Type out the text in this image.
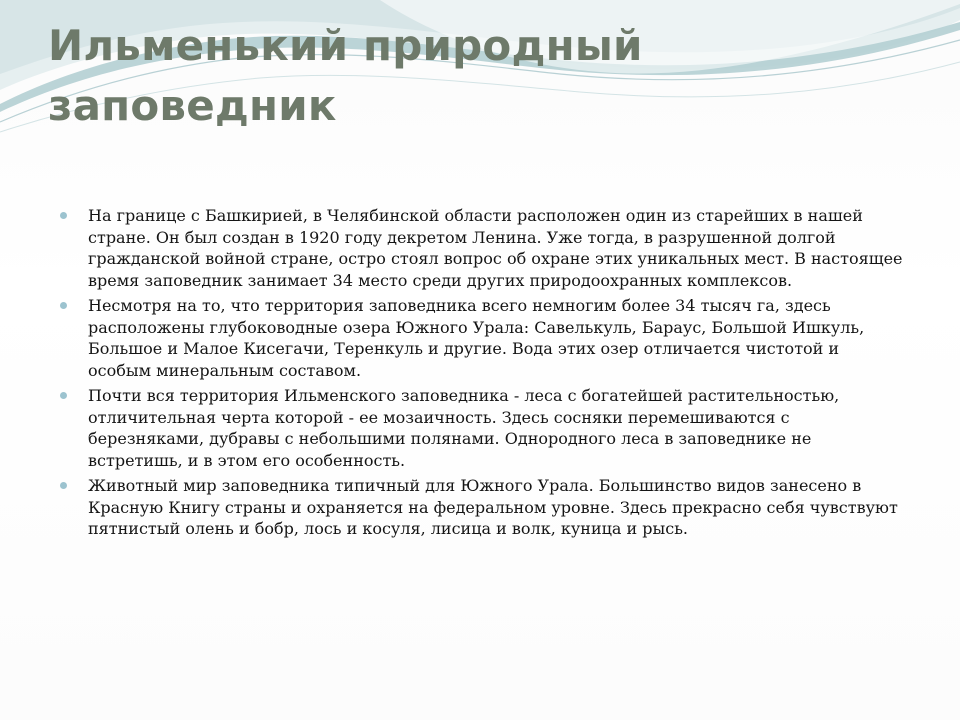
Ильменький природный
заповедник
На границе с Башкирией, в Челябинской области расположен один из старейших в нашей стране. Он был создан в 1920 году декретом Ленина. Уже тогда, в разрушенной долгой гражданской войной стране, остро стоял вопрос об охране этих уникальных мест. В настоящее время заповедник занимает 34 место среди других природоохранных комплексов.
Несмотря на то, что территория заповедника всего немногим более 34 тысяч га, здесь расположены глубоководные озера Южного Урала: Савелькуль, Бараус, Большой Ишкуль, Большое и Малое Кисегачи, Теренкуль и другие. Вода этих озер отличается чистотой и особым минеральным составом.
Почти вся территория Ильменского заповедника - леса с богатейшей растительностью, отличительная черта которой - ее мозаичность. Здесь сосняки перемешиваются с березняками, дубравы с небольшими полянами. Однородного леса в заповеднике не встретишь, и в этом его особенность.
Животный мир заповедника типичный для Южного Урала. Большинство видов занесено в Красную Книгу страны и охраняется на федеральном уровне. Здесь прекрасно себя чувствуют пятнистый олень и бобр, лось и косуля, лисица и волк, куница и рысь.
